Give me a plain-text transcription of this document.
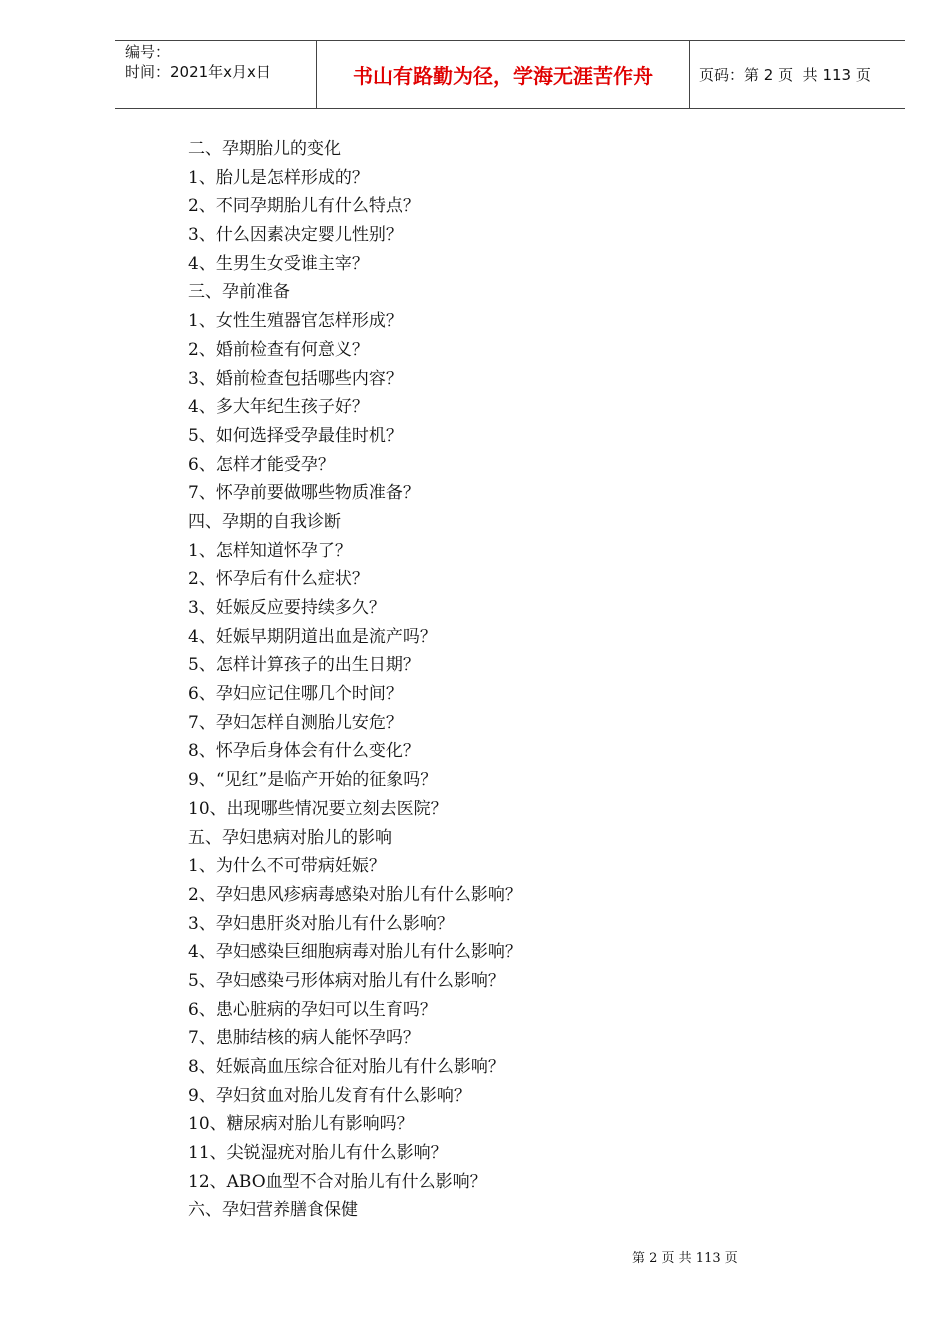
编号：
时间：2021年x月x日	书山有路勤为径，学海无涯苦作舟	页码：第
2
页  共
113
页
二、孕期胎儿的变化
1、胎儿是怎样形成的？
2、不同孕期胎儿有什么特点？
3、什么因素决定婴儿性别？
4、生男生女受谁主宰？
三、孕前准备
1、女性生殖器官怎样形成？
2、婚前检查有何意义？
3、婚前检查包括哪些内容？
4、多大年纪生孩子好？
5、如何选择受孕最佳时机？
6、怎样才能受孕？
7、怀孕前要做哪些物质准备？
四、孕期的自我诊断
1、怎样知道怀孕了？
2、怀孕后有什么症状？
3、妊娠反应要持续多久？
4、妊娠早期阴道出血是流产吗？
5、怎样计算孩子的出生日期？
6、孕妇应记住哪几个时间？
7、孕妇怎样自测胎儿安危？
8、怀孕后身体会有什么变化？
9、“见红”是临产开始的征象吗？
10、出现哪些情况要立刻去医院？
五、孕妇患病对胎儿的影响
1、为什么不可带病妊娠？
2、孕妇患风疹病毒感染对胎儿有什么影响？
3、孕妇患肝炎对胎儿有什么影响？
4、孕妇感染巨细胞病毒对胎儿有什么影响？
5、孕妇感染弓形体病对胎儿有什么影响？
6、患心脏病的孕妇可以生育吗？
7、患肺结核的病人能怀孕吗？
8、妊娠高血压综合征对胎儿有什么影响？
9、孕妇贫血对胎儿发育有什么影响？
10、糖尿病对胎儿有影响吗？
11、尖锐湿疣对胎儿有什么影响？
12、ABO血型不合对胎儿有什么影响？
六、孕妇营养膳食保健
第 2 页 共 113 页
